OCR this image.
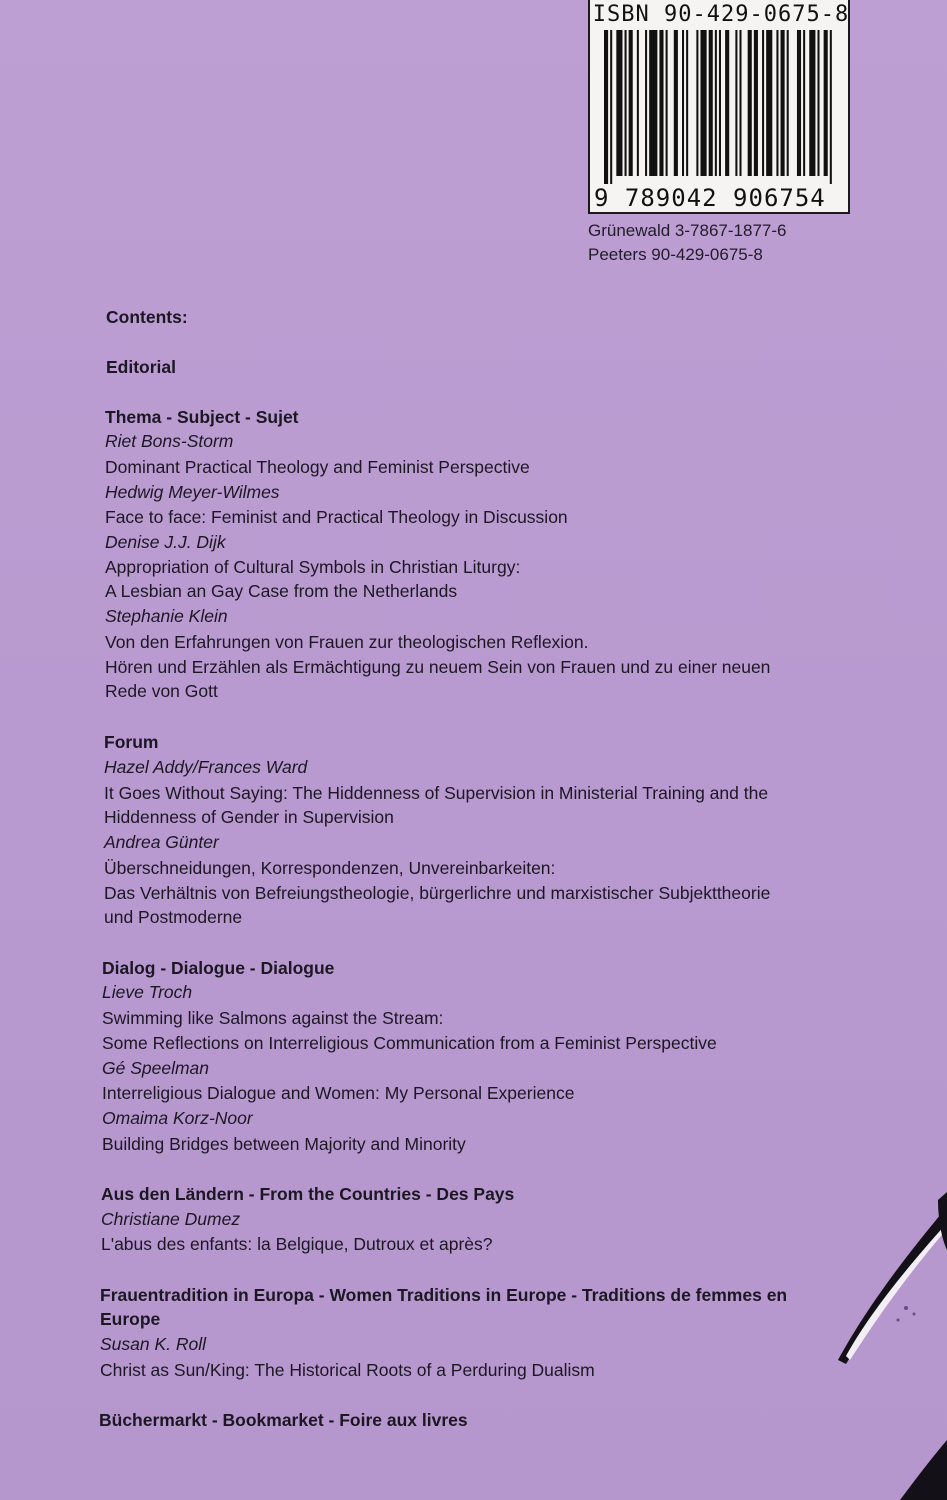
ISBN 90-429-0675-8
9 789042 906754
Grünewald 3-7867-1877-6
Peeters 90-429-0675-8
Contents:
Editorial
Thema - Subject - Sujet
Riet Bons-Storm
Dominant Practical Theology and Feminist Perspective
Hedwig Meyer-Wilmes
Face to face: Feminist and Practical Theology in Discussion
Denise J.J. Dijk
Appropriation of Cultural Symbols in Christian Liturgy:
A Lesbian an Gay Case from the Netherlands
Stephanie Klein
Von den Erfahrungen von Frauen zur theologischen Reflexion.
Hören und Erzählen als Ermächtigung zu neuem Sein von Frauen und zu einer neuen
Rede von Gott
Forum
Hazel Addy/Frances Ward
It Goes Without Saying: The Hiddenness of Supervision in Ministerial Training and the
Hiddenness of Gender in Supervision
Andrea Günter
Überschneidungen, Korrespondenzen, Unvereinbarkeiten:
Das Verhältnis von Befreiungstheologie, bürgerlichre und marxistischer Subjekttheorie
und Postmoderne
Dialog - Dialogue - Dialogue
Lieve Troch
Swimming like Salmons against the Stream:
Some Reflections on Interreligious Communication from a Feminist Perspective
Gé Speelman
Interreligious Dialogue and Women: My Personal Experience
Omaima Korz-Noor
Building Bridges between Majority and Minority
Aus den Ländern - From the Countries - Des Pays
Christiane Dumez
L'abus des enfants: la Belgique, Dutroux et après?
Frauentradition in Europa - Women Traditions in Europe - Traditions de femmes en
Europe
Susan K. Roll
Christ as Sun/King: The Historical Roots of a Perduring Dualism
Büchermarkt - Bookmarket - Foire aux livres
